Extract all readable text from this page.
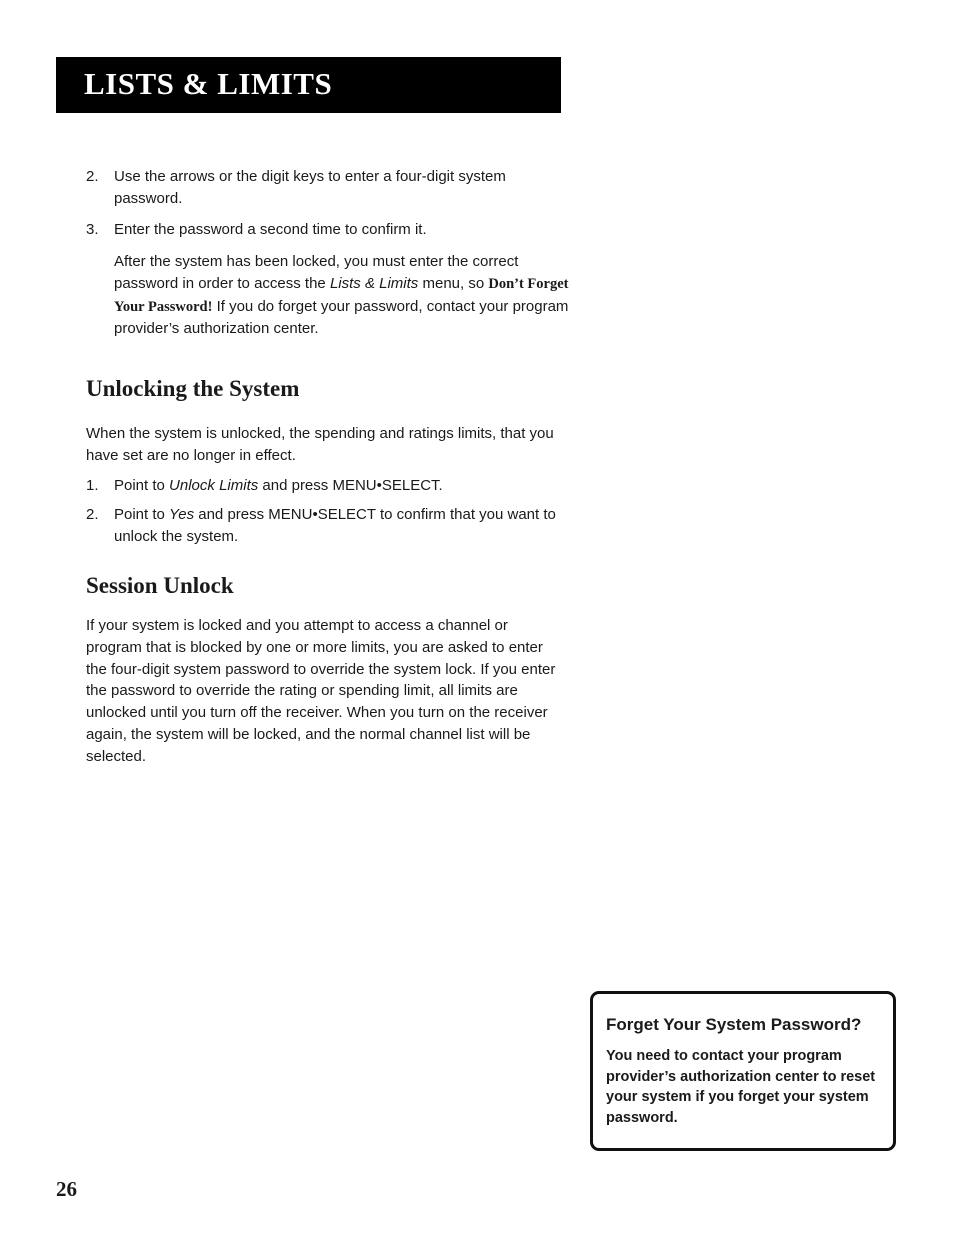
LISTS & LIMITS
2. Use the arrows or the digit keys to enter a four-digit system password.
3. Enter the password a second time to confirm it.

After the system has been locked, you must enter the correct password in order to access the Lists & Limits menu, so Don’t Forget Your Password! If you do forget your password, contact your program provider’s authorization center.

Unlocking the System

When the system is unlocked, the spending and ratings limits, that you have set are no longer in effect.

1. Point to Unlock Limits and press MENU•SELECT.
2. Point to Yes and press MENU•SELECT to confirm that you want to unlock the system.
Session Unlock

If your system is locked and you attempt to access a channel or program that is blocked by one or more limits, you are asked to enter the four-digit system password to override the system lock. If you enter the password to override the rating or spending limit, all limits are unlocked until you turn off the receiver. When you turn on the receiver again, the system will be locked, and the normal channel list will be selected.

Forget Your System Password?

You need to contact your program provider’s authorization center to reset your system if you forget your system password.

26
